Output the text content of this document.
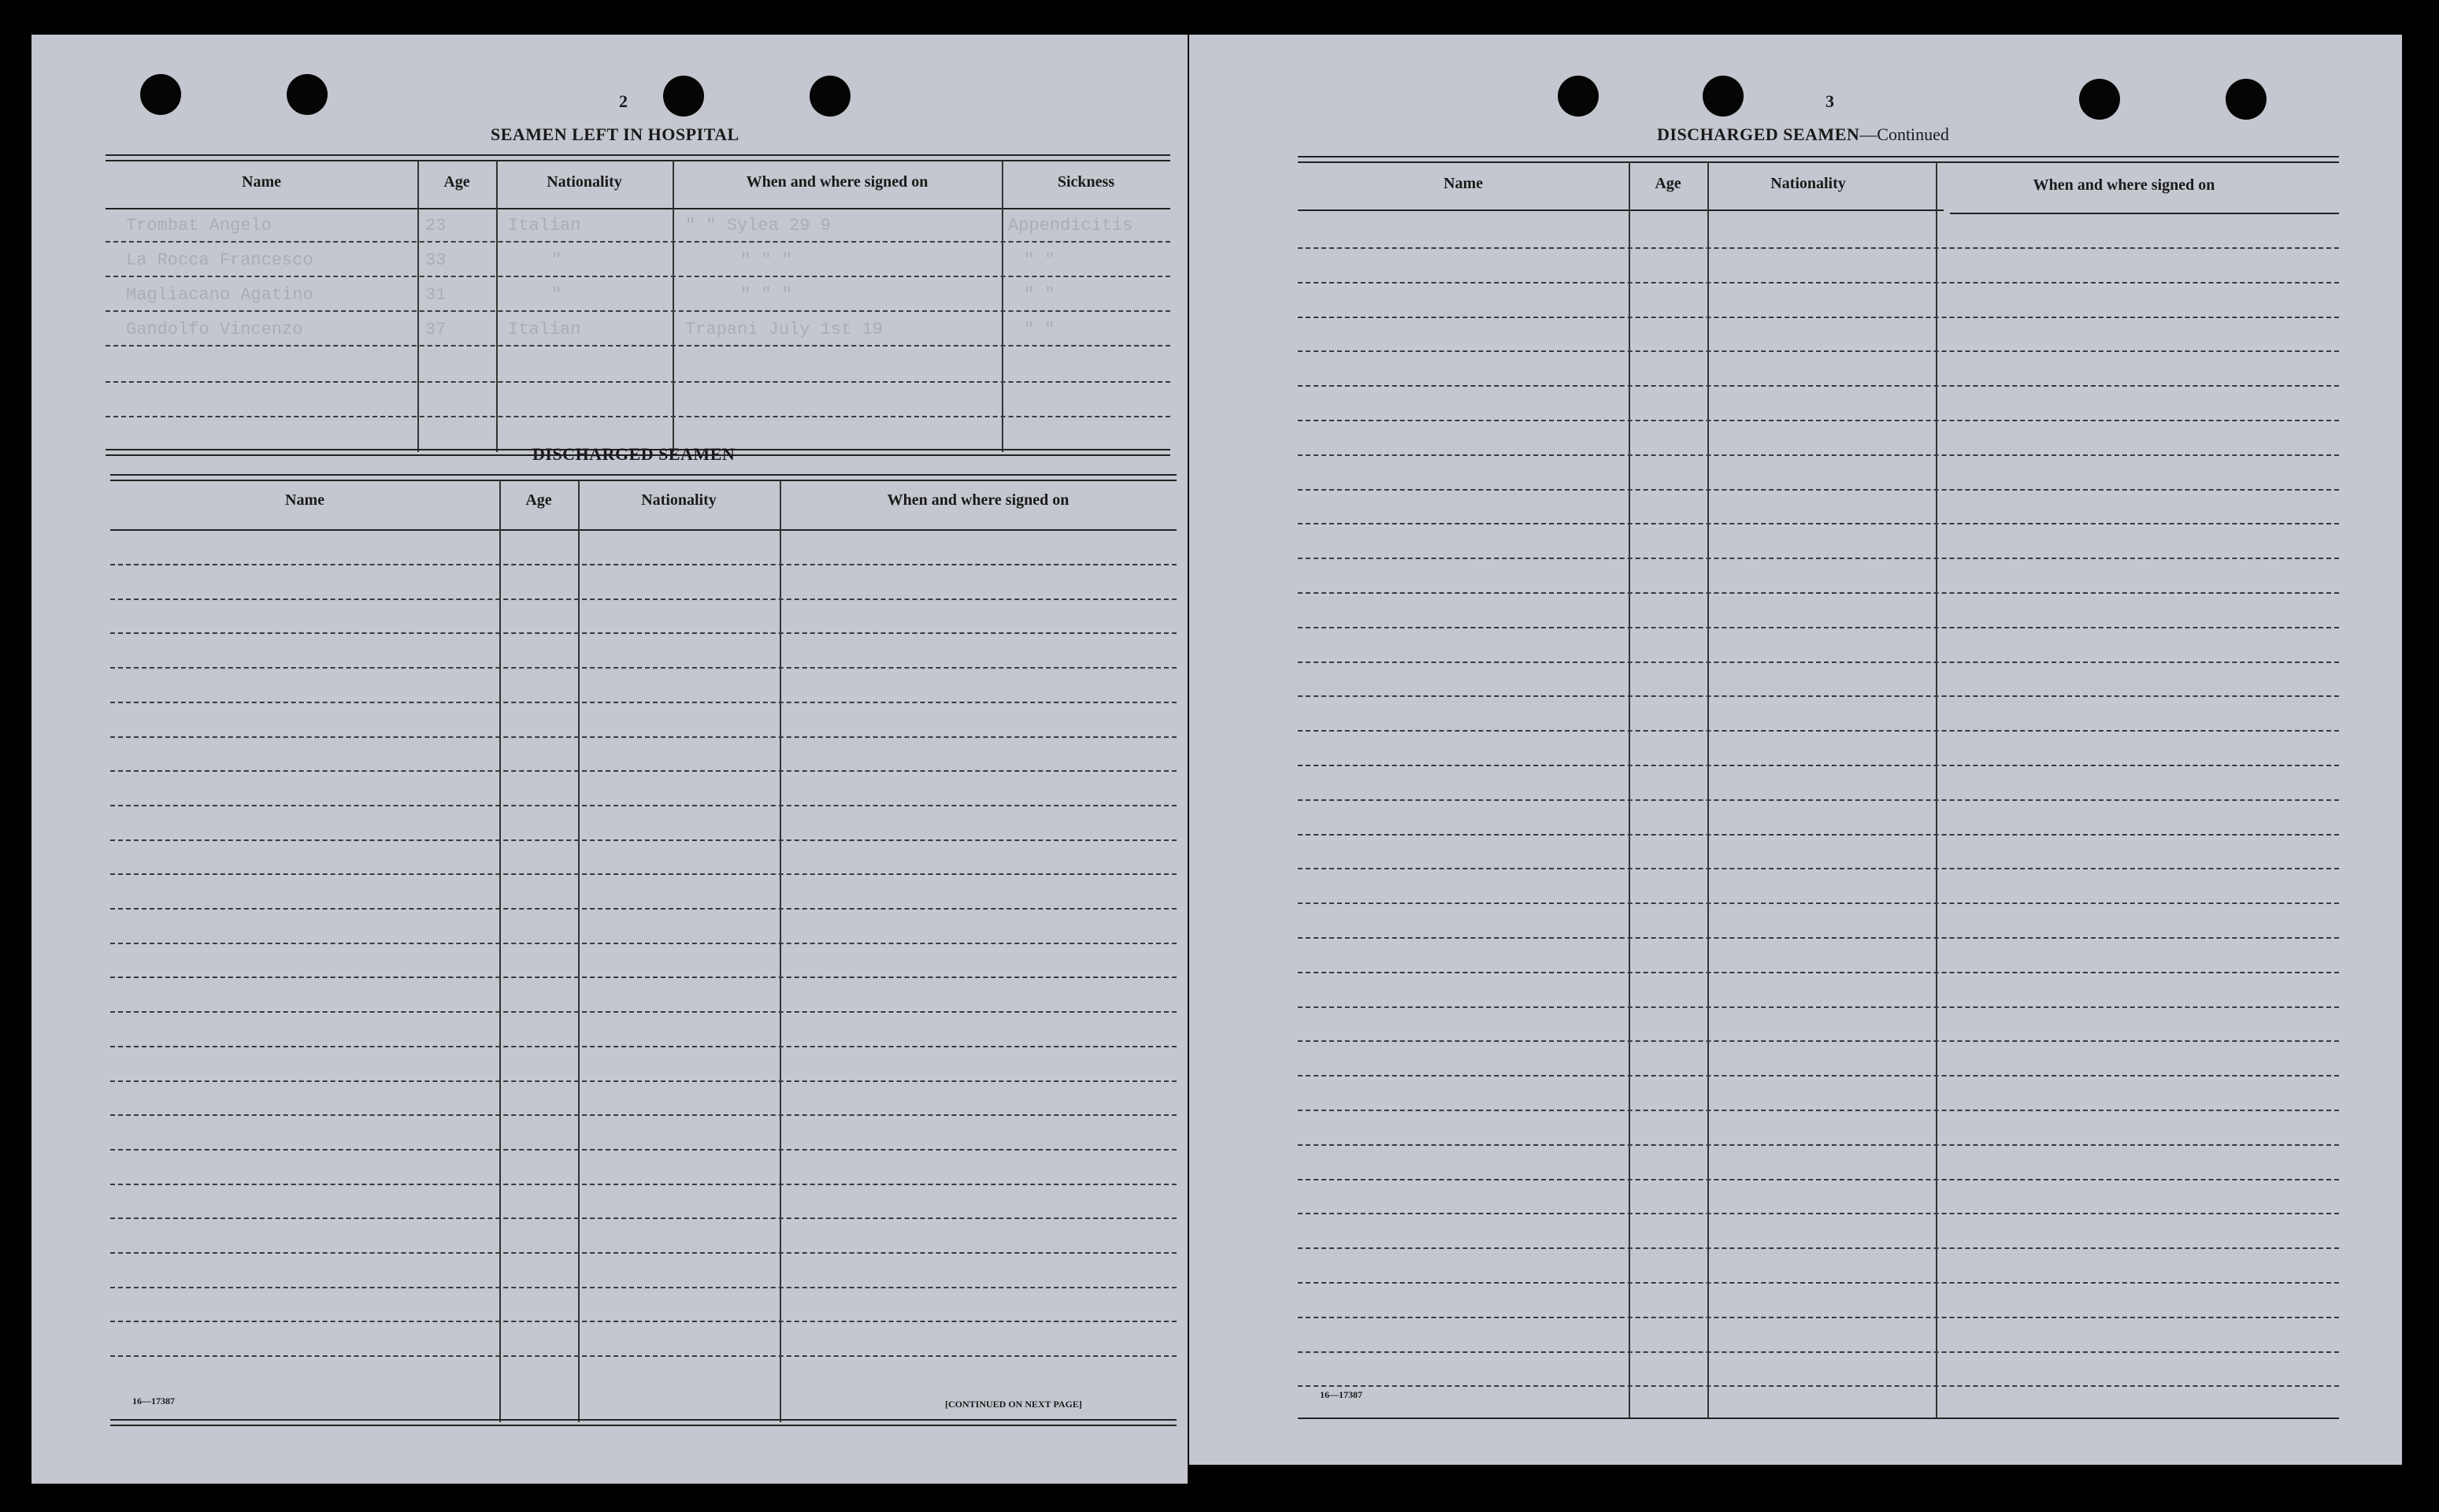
2
SEAMEN LEFT IN HOSPITAL
Name	Age	Nationality	When and where signed on	Sickness
Trombat Angelo	23	Italian	" " Sylea 29 9	Appendicitis
La Rocca Francesco	33	"	" " "	" "
Magliacano Agatino	31	"	" " "	" "
Gandolfo Vincenzo	37	Italian	Trapani July 1st 19	" "
DISCHARGED SEAMEN
Name	Age	Nationality	When and where signed on
16—17387	[CONTINUED ON NEXT PAGE]
3
DISCHARGED SEAMEN—Continued
Name	Age	Nationality	When and where signed on
16—17387
